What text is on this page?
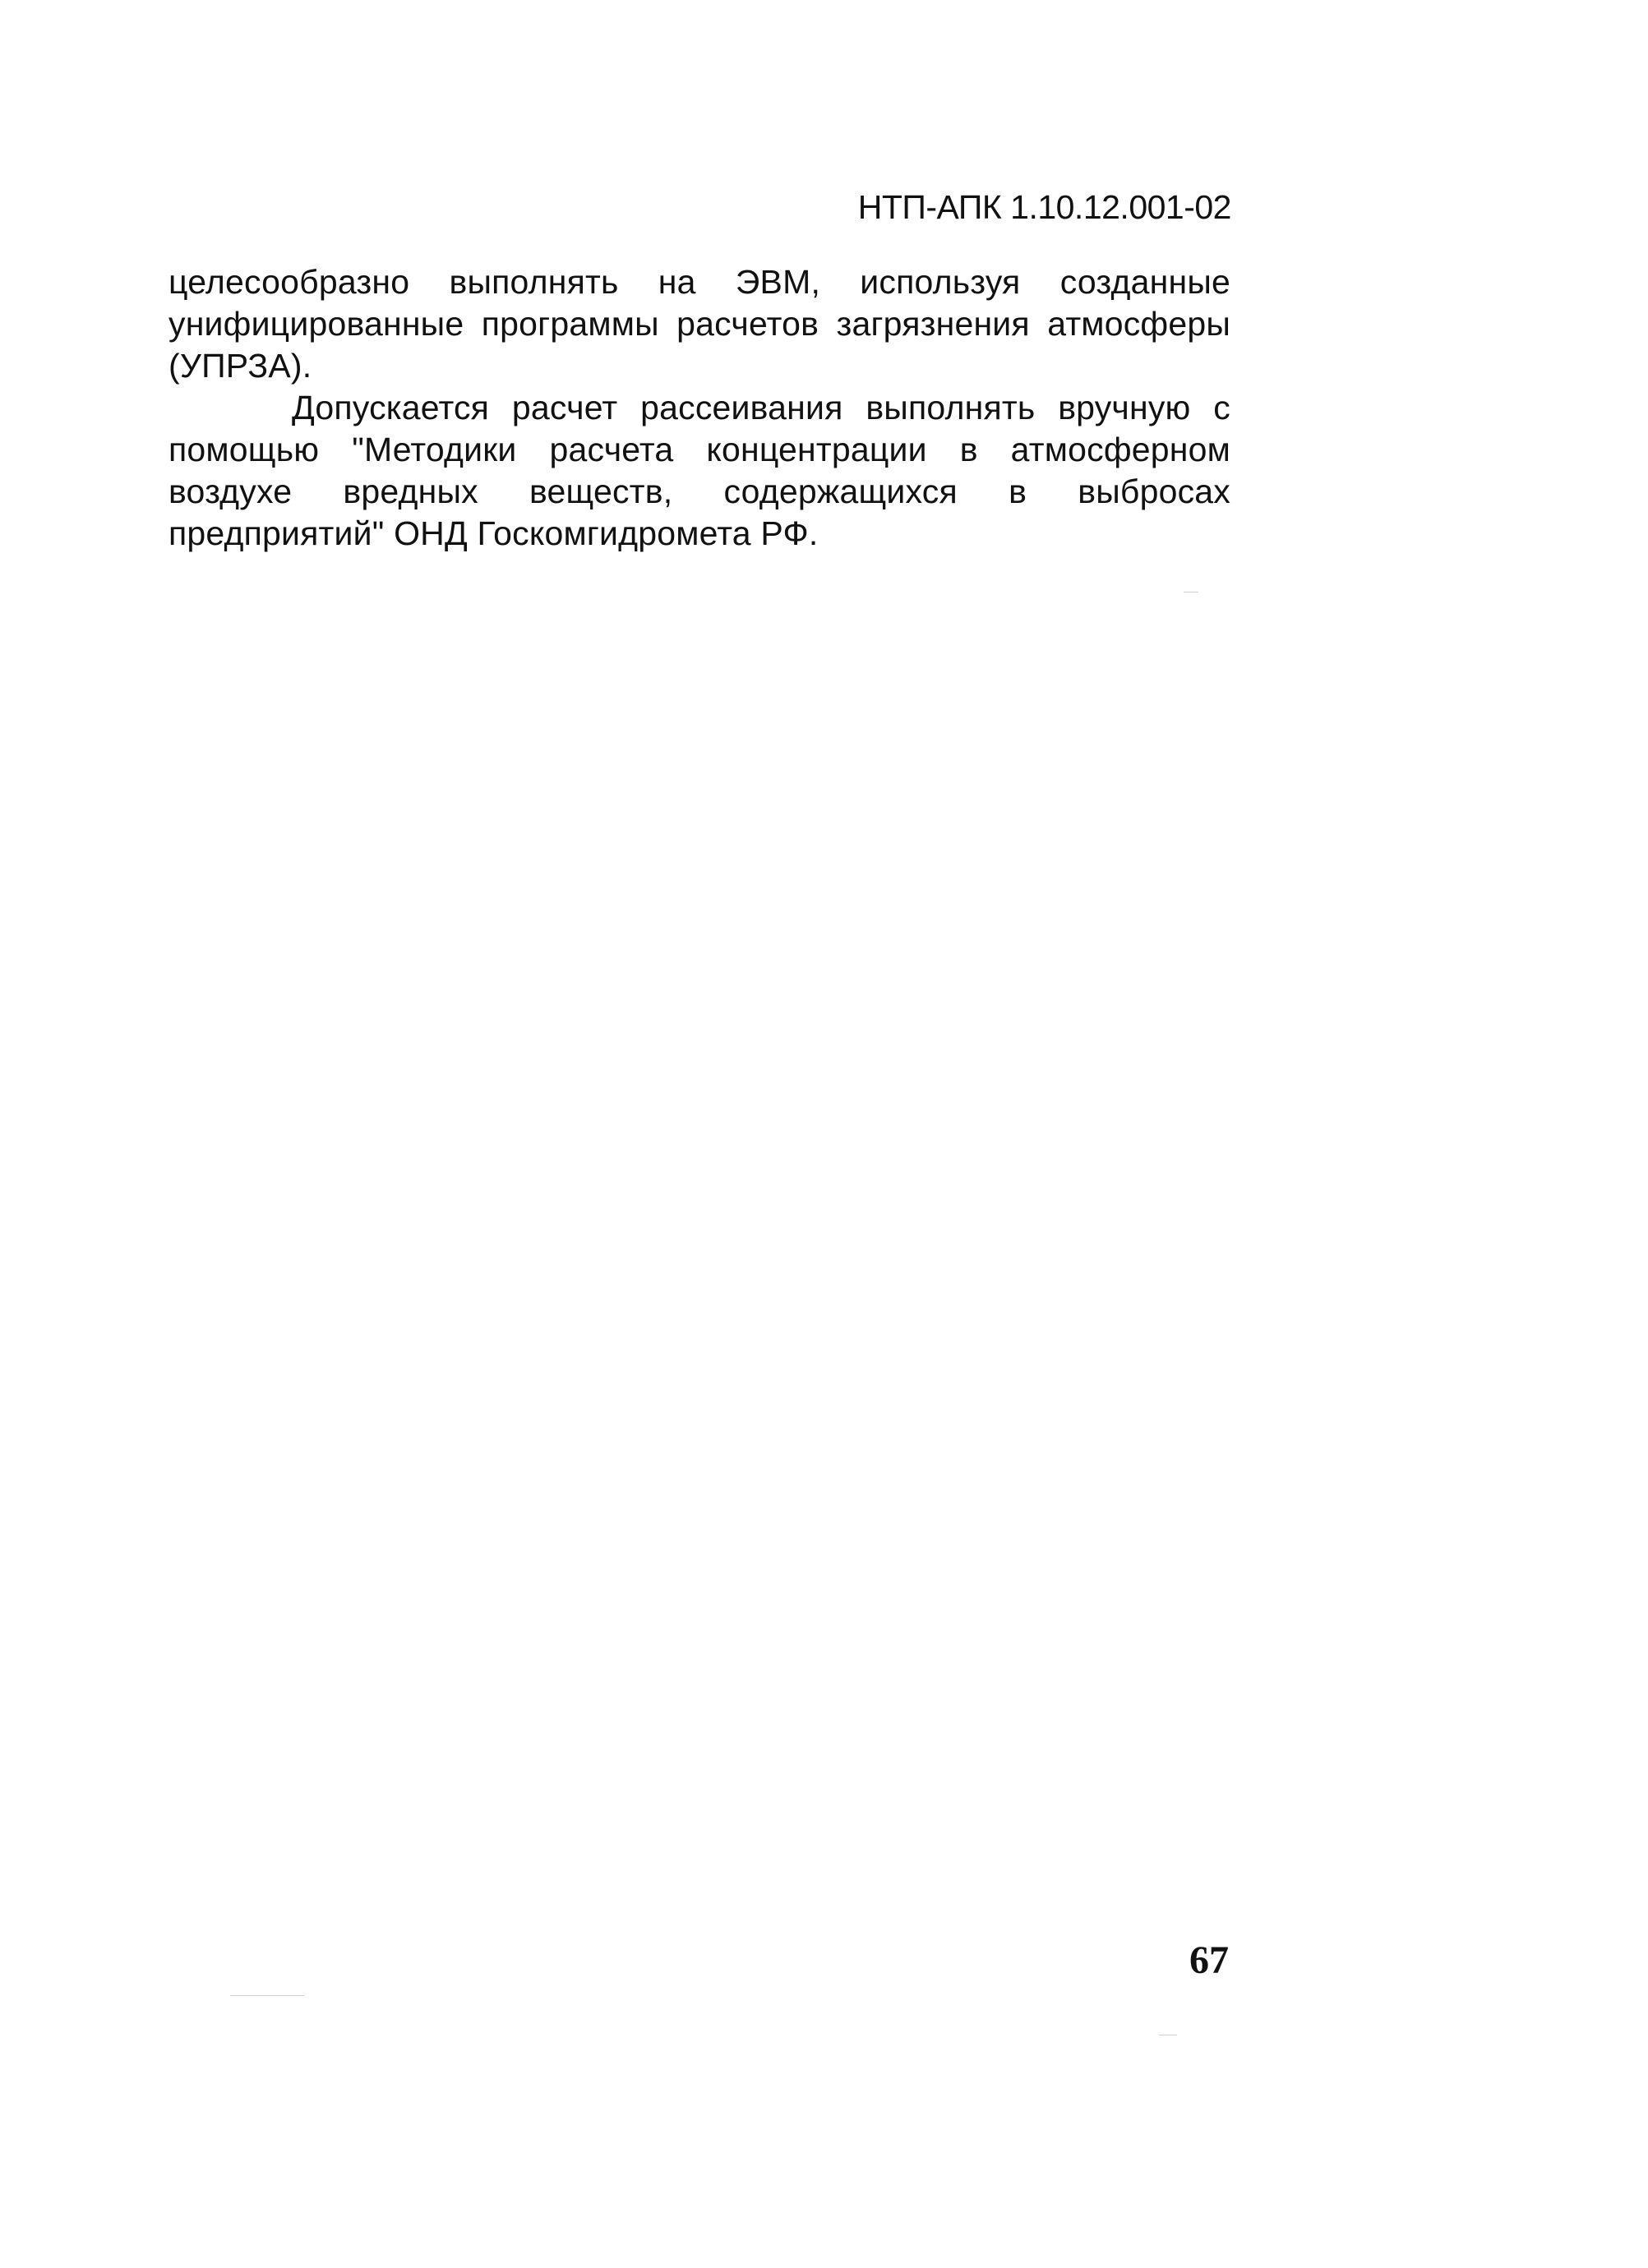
НТП-АПК 1.10.12.001-02

целесообразно выполнять на ЭВМ, используя созданные унифицированные программы расчетов загрязнения атмосферы (УПРЗА).

Допускается расчет рассеивания выполнять вручную с помощью "Методики расчета концентрации в атмосферном воздухе вредных веществ, содержащихся в выбросах предприятий" ОНД Госкомгидромета РФ.

67
